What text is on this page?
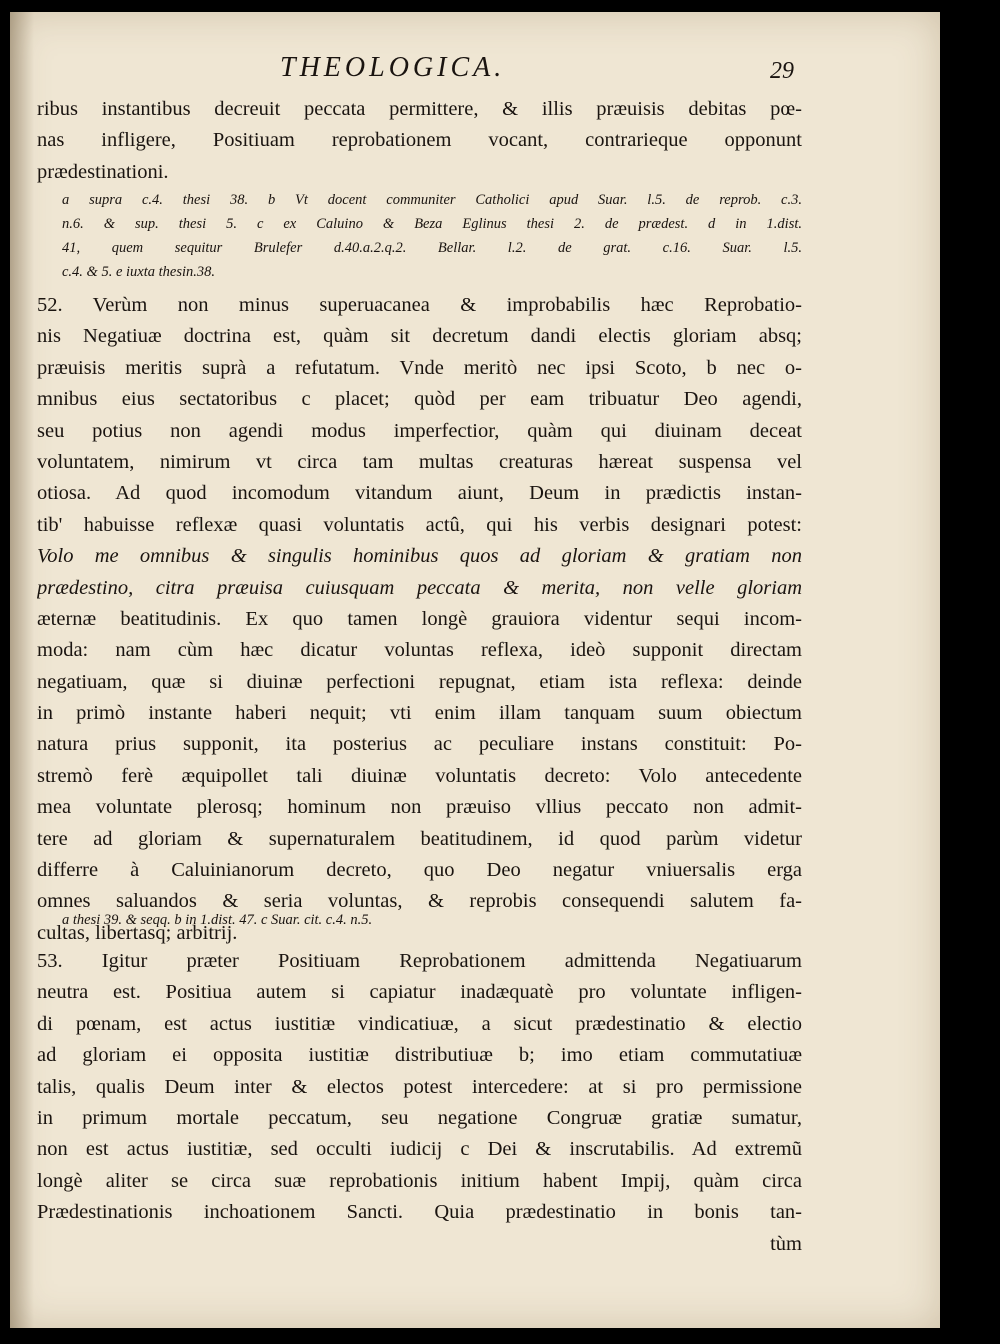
THEOLOGICA.	29
ribus instantibus decreuit peccata permittere, & illis præuisis debitas pœ-
nas infligere, Positiuam reprobationem vocant, contrarieque opponunt
prædestinationi.
a supra c.4. thesi 38. b Vt docent communiter Catholici apud Suar. l.5. de reprob. c.3.
n.6. & sup. thesi 5. c ex Caluino & Beza Eglinus thesi 2. de prædest. d in 1.dist.
41, quem sequitur Brulefer d.40.a.2.q.2. Bellar. l.2. de grat. c.16. Suar. l.5.
c.4. & 5. e iuxta thesin.38.
52. Verùm non minus superuacanea & improbabilis hæc Reprobatio-
nis Negatiuæ doctrina est, quàm sit decretum dandi electis gloriam absq;
præuisis meritis suprà a refutatum. Vnde meritò nec ipsi Scoto, b nec o-
mnibus eius sectatoribus c placet; quòd per eam tribuatur Deo agendi,
seu potius non agendi modus imperfectior, quàm qui diuinam deceat
voluntatem, nimirum vt circa tam multas creaturas hæreat suspensa vel
otiosa. Ad quod incomodum vitandum aiunt, Deum in prædictis instan-
tib' habuisse reflexæ quasi voluntatis actû, qui his verbis designari potest:
Volo me omnibus & singulis hominibus quos ad gloriam & gratiam non
prædestino, citra præuisa cuiusquam peccata & merita, non velle gloriam
æternæ beatitudinis. Ex quo tamen longè grauiora videntur sequi incom-
moda: nam cùm hæc dicatur voluntas reflexa, ideò supponit directam
negatiuam, quæ si diuinæ perfectioni repugnat, etiam ista reflexa: deinde
in primò instante haberi nequit; vti enim illam tanquam suum obiectum
natura prius supponit, ita posterius ac peculiare instans constituit: Po-
stremò ferè æquipollet tali diuinæ voluntatis decreto: Volo antecedente
mea voluntate plerosq; hominum non præuiso vllius peccato non admit-
tere ad gloriam & supernaturalem beatitudinem, id quod parùm videtur
differre à Caluinianorum decreto, quo Deo negatur vniuersalis erga
omnes saluandos & seria voluntas, & reprobis consequendi salutem fa-
cultas, libertasq; arbitrij.
a thesi 39. & seqq. b in 1.dist. 47. c Suar. cit. c.4. n.5.
53. Igitur præter Positiuam Reprobationem admittenda Negatiuarum
neutra est. Positiua autem si capiatur inadæquatè pro voluntate infligen-
di pœnam, est actus iustitiæ vindicatiuæ, a sicut prædestinatio & electio
ad gloriam ei opposita iustitiæ distributiuæ b; imo etiam commutatiuæ
talis, qualis Deum inter & electos potest intercedere: at si pro permissione
in primum mortale peccatum, seu negatione Congruæ gratiæ sumatur,
non est actus iustitiæ, sed occulti iudicij c Dei & inscrutabilis. Ad extremũ
longè aliter se circa suæ reprobationis initium habent Impij, quàm circa
Prædestinationis inchoationem Sancti. Quia prædestinatio in bonis tan-
tùm
